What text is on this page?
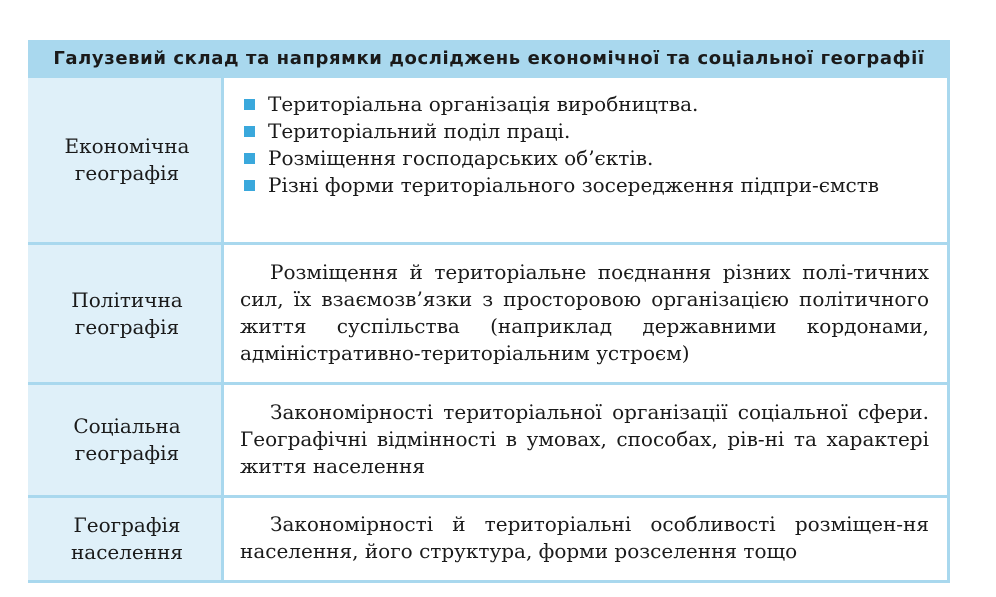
Галузевий склад та напрямки досліджень економічної та соціальної географії
Економічна
географія
Територіальна організація виробництва.
Територіальний поділ праці.
Розміщення господарських об’єктів.
Різні форми територіального зосередження підпри-ємств
Політична
географія

Розміщення й територіальне поєднання різних полі-тичних сил, їх взаємозв’язки з просторовою організацією політичного життя суспільства (наприклад державними кордонами, адміністративно-територіальним устроєм)

Соціальна
географія

Закономірності територіальної організації соціальної сфери. Географічні відмінності в умовах, способах, рів-ні та характері життя населення

Географія
населення

Закономірності й територіальні особливості розміщен-ня населення, його структура, форми розселення тощо
